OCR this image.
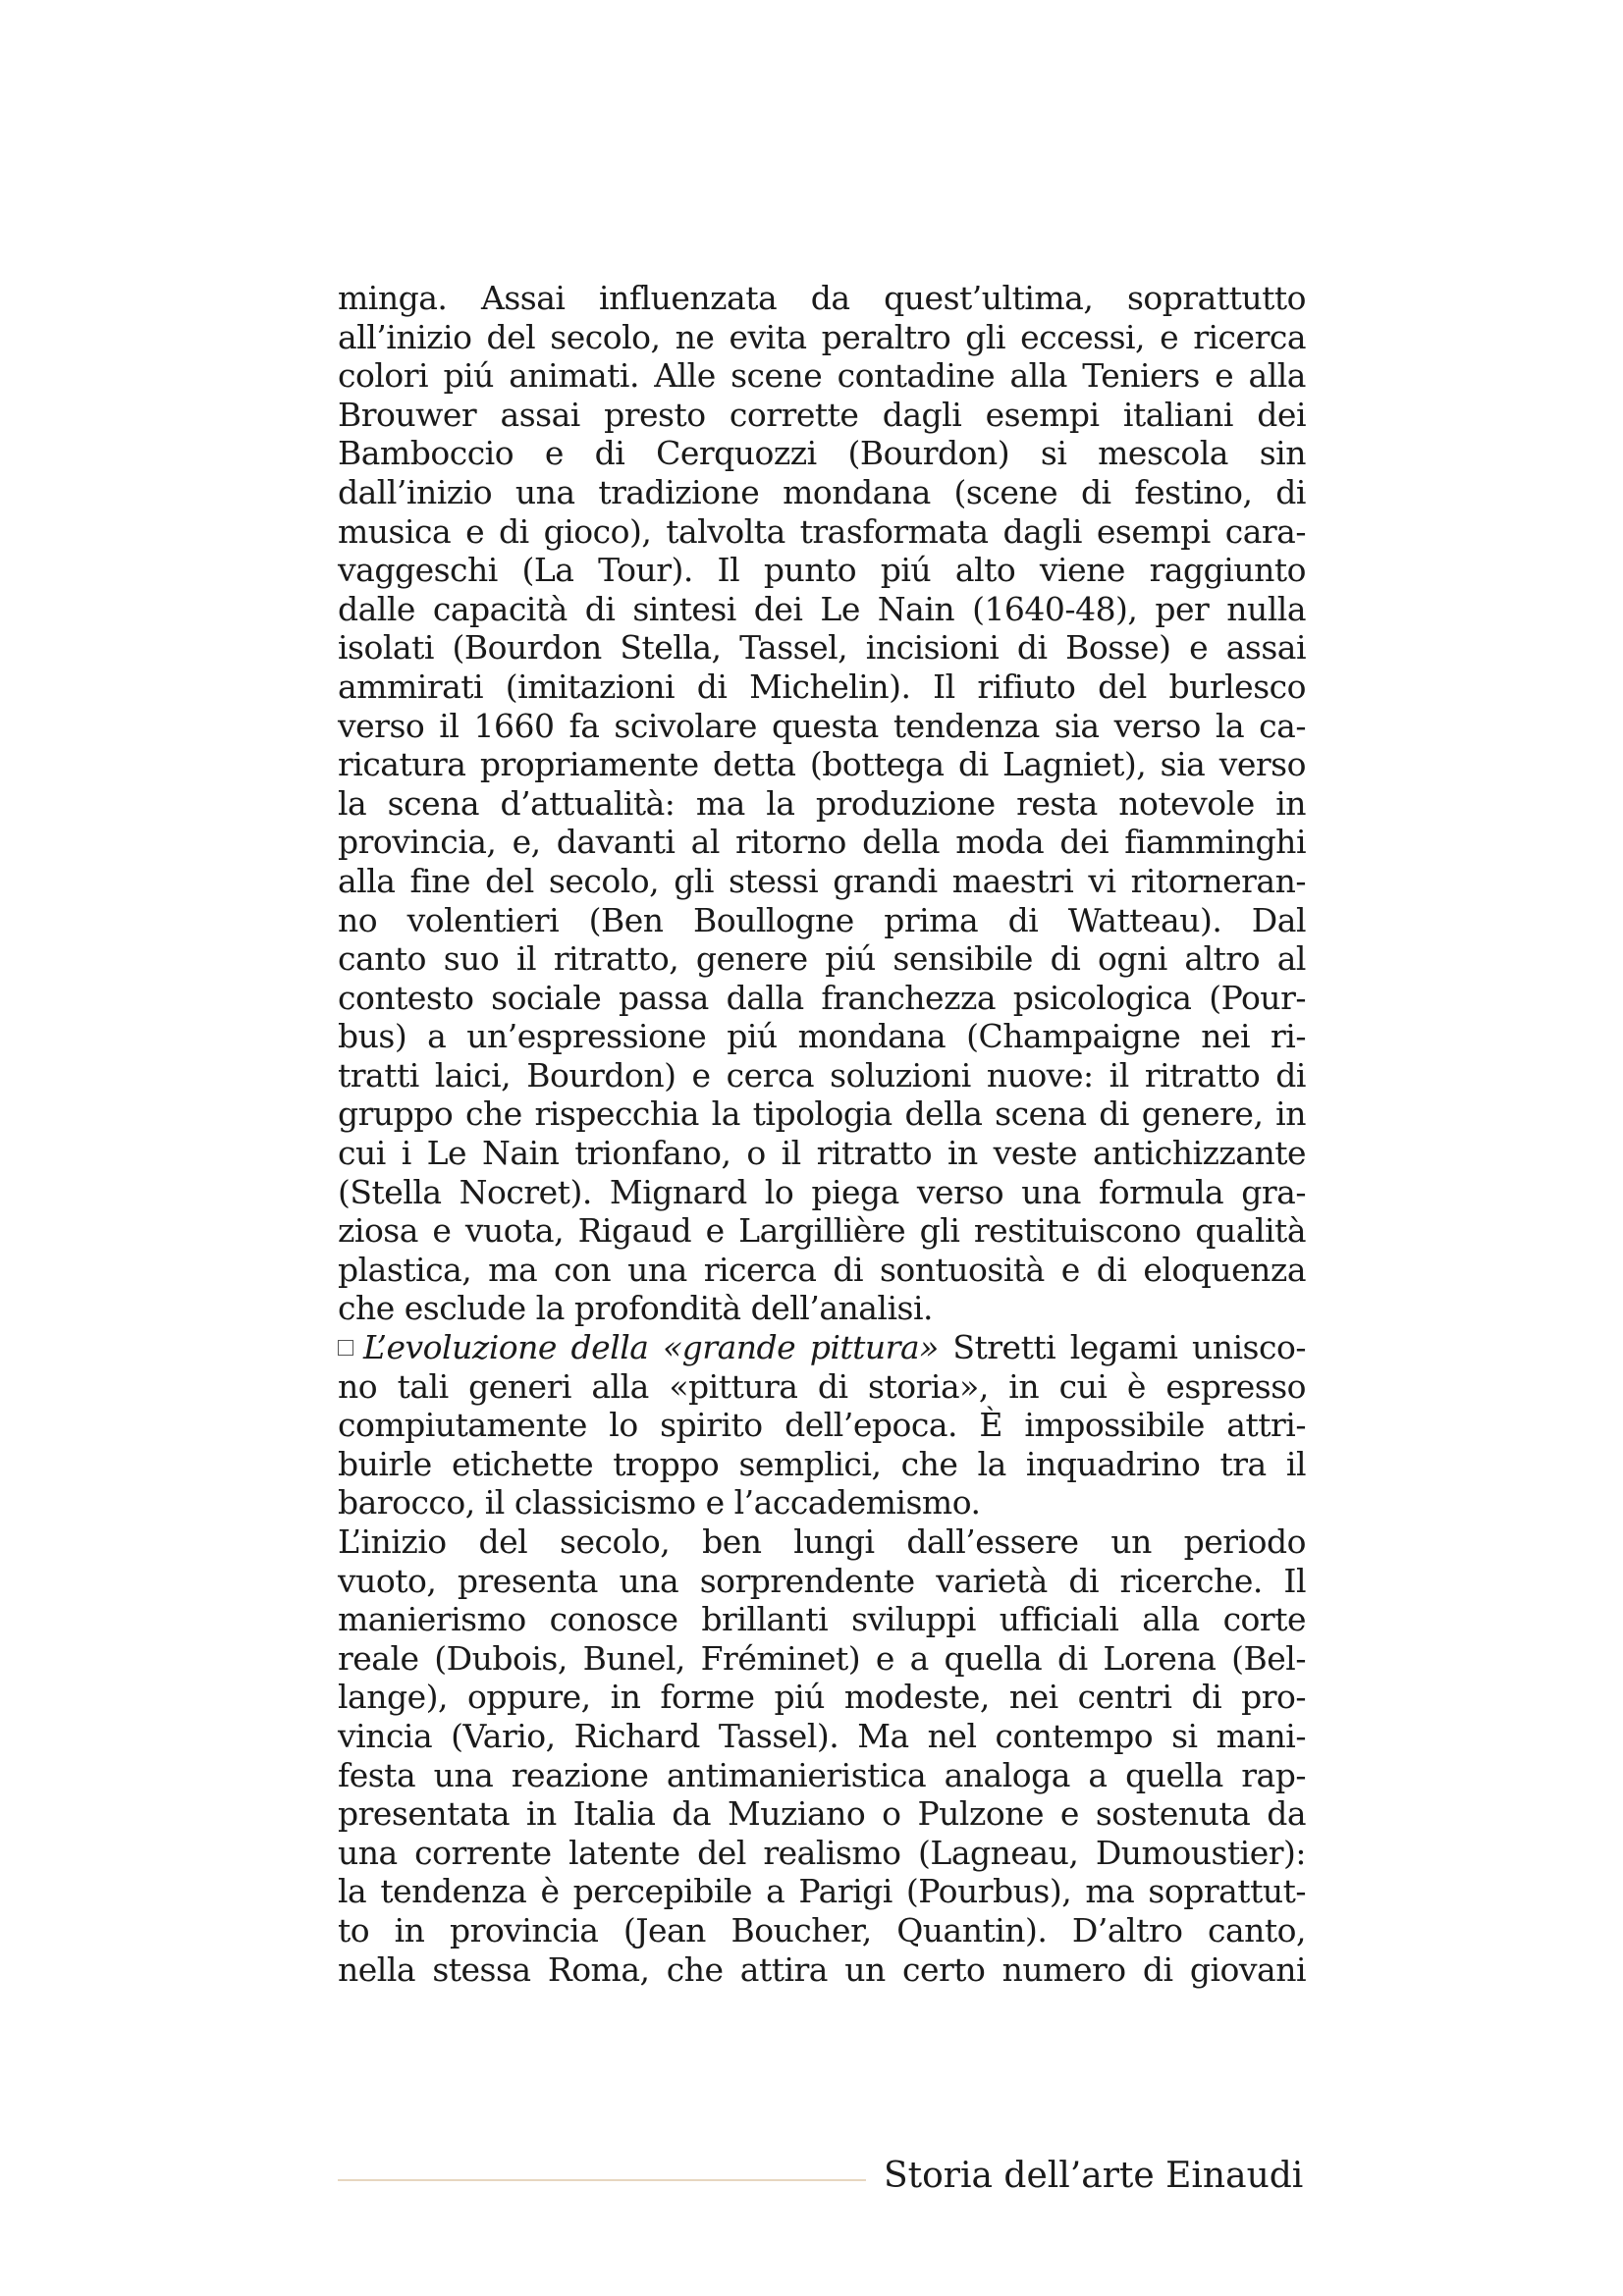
minga. Assai influenzata da quest’ultima, soprattutto
all’inizio del secolo, ne evita peraltro gli eccessi, e ricerca
colori piú animati. Alle scene contadine alla Teniers e alla
Brouwer assai presto corrette dagli esempi italiani dei
Bamboccio e di Cerquozzi (Bourdon) si mescola sin
dall’inizio una tradizione mondana (scene di festino, di
musica e di gioco), talvolta trasformata dagli esempi cara-
vaggeschi (La Tour). Il punto piú alto viene raggiunto
dalle capacità di sintesi dei Le Nain (1640-48), per nulla
isolati (Bourdon Stella, Tassel, incisioni di Bosse) e assai
ammirati (imitazioni di Michelin). Il rifiuto del burlesco
verso il 1660 fa scivolare questa tendenza sia verso la ca-
ricatura propriamente detta (bottega di Lagniet), sia verso
la scena d’attualità: ma la produzione resta notevole in
provincia, e, davanti al ritorno della moda dei fiamminghi
alla fine del secolo, gli stessi grandi maestri vi ritorneran-
no volentieri (Ben Boullogne prima di Watteau). Dal
canto suo il ritratto, genere piú sensibile di ogni altro al
contesto sociale passa dalla franchezza psicologica (Pour-
bus) a un’espressione piú mondana (Champaigne nei ri-
tratti laici, Bourdon) e cerca soluzioni nuove: il ritratto di
gruppo che rispecchia la tipologia della scena di genere, in
cui i Le Nain trionfano, o il ritratto in veste antichizzante
(Stella Nocret). Mignard lo piega verso una formula gra-
ziosa e vuota, Rigaud e Largillière gli restituiscono qualità
plastica, ma con una ricerca di sontuosità e di eloquenza
che esclude la profondità dell’analisi.
L’evoluzione della «grande pittura» Stretti legami unisco-
no tali generi alla «pittura di storia», in cui è espresso
compiutamente lo spirito dell’epoca. È impossibile attri-
buirle etichette troppo semplici, che la inquadrino tra il
barocco, il classicismo e l’accademismo.
L’inizio del secolo, ben lungi dall’essere un periodo
vuoto, presenta una sorprendente varietà di ricerche. Il
manierismo conosce brillanti sviluppi ufficiali alla corte
reale (Dubois, Bunel, Fréminet) e a quella di Lorena (Bel-
lange), oppure, in forme piú modeste, nei centri di pro-
vincia (Vario, Richard Tassel). Ma nel contempo si mani-
festa una reazione antimanieristica analoga a quella rap-
presentata in Italia da Muziano o Pulzone e sostenuta da
una corrente latente del realismo (Lagneau, Dumoustier):
la tendenza è percepibile a Parigi (Pourbus), ma soprattut-
to in provincia (Jean Boucher, Quantin). D’altro canto,
nella stessa Roma, che attira un certo numero di giovani
Storia dell’arte Einaudi
